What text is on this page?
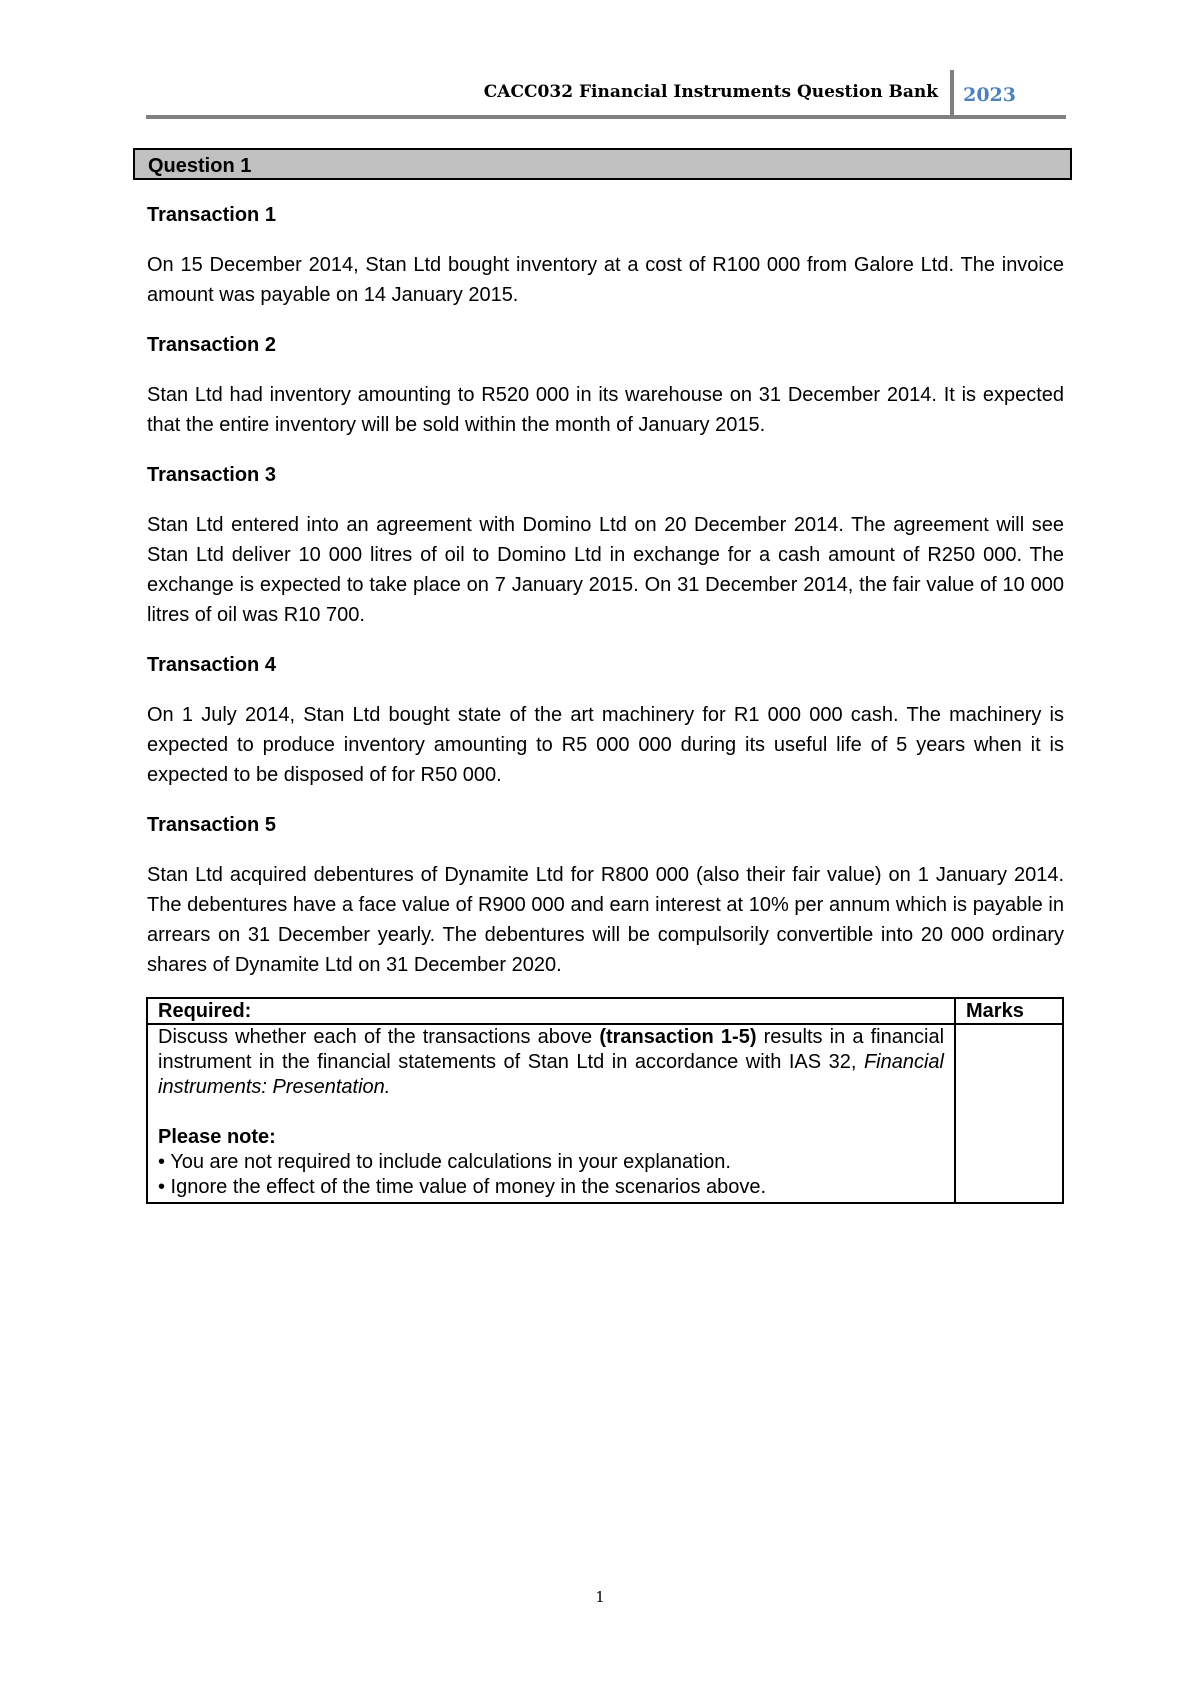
CACC032 Financial Instruments Question Bank 2023
Question 1

Transaction 1

On 15 December 2014, Stan Ltd bought inventory at a cost of R100 000 from Galore Ltd. The invoice amount was payable on 14 January 2015.

Transaction 2

Stan Ltd had inventory amounting to R520 000 in its warehouse on 31 December 2014. It is expected that the entire inventory will be sold within the month of January 2015.

Transaction 3

Stan Ltd entered into an agreement with Domino Ltd on 20 December 2014. The agreement will see Stan Ltd deliver 10 000 litres of oil to Domino Ltd in exchange for a cash amount of R250 000. The exchange is expected to take place on 7 January 2015. On 31 December 2014, the fair value of 10 000 litres of oil was R10 700.

Transaction 4

On 1 July 2014, Stan Ltd bought state of the art machinery for R1 000 000 cash. The machinery is expected to produce inventory amounting to R5 000 000 during its useful life of 5 years when it is expected to be disposed of for R50 000.

Transaction 5

Stan Ltd acquired debentures of Dynamite Ltd for R800 000 (also their fair value) on 1 January 2014. The debentures have a face value of R900 000 and earn interest at 10% per annum which is payable in arrears on 31 December yearly. The debentures will be compulsorily convertible into 20 000 ordinary shares of Dynamite Ltd on 31 December 2020.

Required:	Marks
Discuss whether each of the transactions above (transaction 1-5) results in a financial instrument in the financial statements of Stan Ltd in accordance with IAS 32, Financial instruments: Presentation.
Please note:
• You are not required to include calculations in your explanation.
• Ignore the effect of the time value of money in the scenarios above.	

1
